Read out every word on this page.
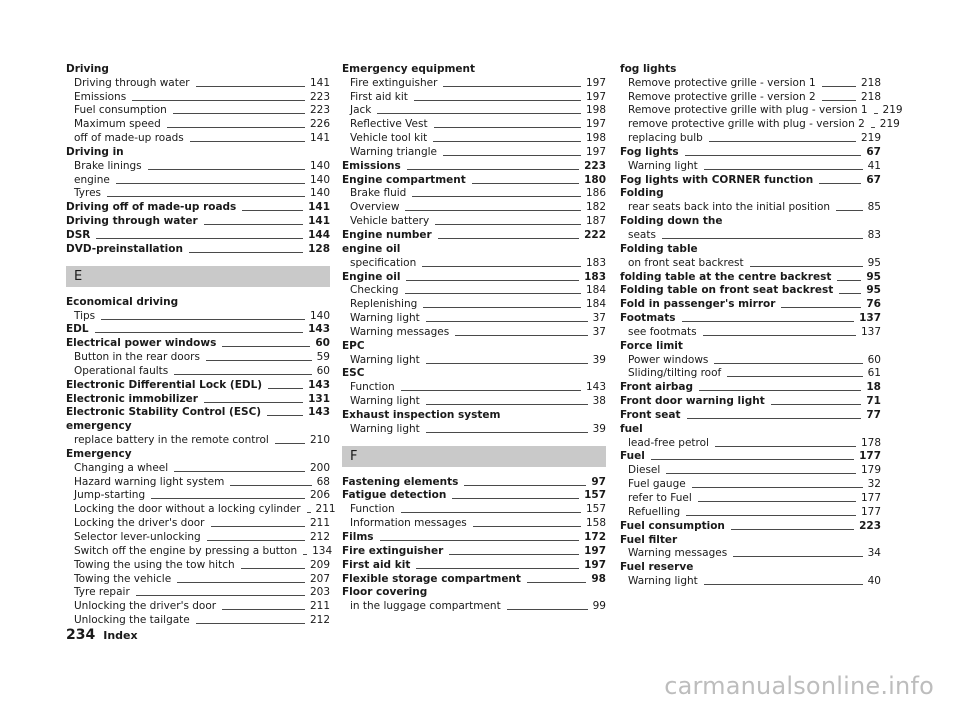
Driving
Driving through water	141
Emissions	223
Fuel consumption	223
Maximum speed	226
off of made-up roads	141
Driving in
Brake linings	140
engine	140
Tyres	140
Driving off of made-up roads	141
Driving through water	141
DSR	144
DVD-preinstallation	128
E
Economical driving
Tips	140
EDL	143
Electrical power windows	60
Button in the rear doors	59
Operational faults	60
Electronic Differential Lock (EDL)	143
Electronic immobilizer	131
Electronic Stability Control (ESC)	143
emergency
replace battery in the remote control	210
Emergency
Changing a wheel	200
Hazard warning light system	68
Jump-starting	206
Locking the door without a locking cylinder 211
Locking the driver's door	211
Selector lever-unlocking	212
Switch off the engine by pressing a button 134
Towing the using the tow hitch	209
Towing the vehicle	207
Tyre repair	203
Unlocking the driver's door	211
Unlocking the tailgate	212
Emergency equipment
Fire extinguisher	197
First aid kit	197
Jack	198
Reflective Vest	197
Vehicle tool kit	198
Warning triangle	197
Emissions	223
Engine compartment	180
Brake fluid	186
Overview	182
Vehicle battery	187
Engine number	222
engine oil
specification	183
Engine oil	183
Checking	184
Replenishing	184
Warning light	37
Warning messages	37
EPC
Warning light	39
ESC
Function	143
Warning light	38
Exhaust inspection system
Warning light	39
F
Fastening elements	97
Fatigue detection	157
Function	157
Information messages	158
Films	172
Fire extinguisher	197
First aid kit	197
Flexible storage compartment	98
Floor covering
in the luggage compartment	99
fog lights
Remove protective grille - version 1	218
Remove protective grille - version 2	218
Remove protective grille with plug - version 1 219
remove protective grille with plug - version 2 219
replacing bulb	219
Fog lights	67
Warning light	41
Fog lights with CORNER function	67
Folding
rear seats back into the initial position	85
Folding down the
seats	83
Folding table
on front seat backrest	95
folding table at the centre backrest	95
Folding table on front seat backrest	95
Fold in passenger's mirror	76
Footmats	137
see footmats	137
Force limit
Power windows	60
Sliding/tilting roof	61
Front airbag	18
Front door warning light	71
Front seat	77
fuel
lead-free petrol	178
Fuel	177
Diesel	179
Fuel gauge	32
refer to Fuel	177
Refuelling	177
Fuel consumption	223
Fuel filter
Warning messages	34
Fuel reserve
Warning light	40
234 Index
carmanualsonline.info
